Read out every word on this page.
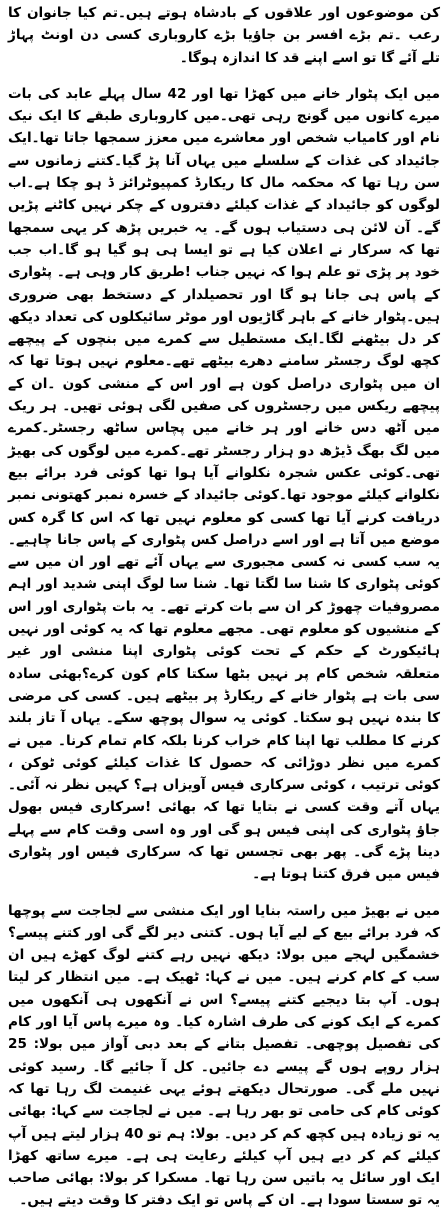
کن موضوعوں اور علاقوں کے بادشاہ ہوتے ہیں۔تم کیا جانوان کا رعب ۔تم بڑے افسر بن جاؤیا بڑے کاروباری کسی دن اونٹ پہاڑ تلے آئے گا تو اسے اپنے قد کا اندازہ ہوگا۔

میں ایک پٹوار خانے میں کھڑا تھا اور 42 سال پہلے عابد کی بات میرے کانوں میں گونج رہی تھی۔میں کاروباری طبقے کا ایک نیک نام اور کامیاب شخص اور معاشرے میں معزز سمجھا جاتا تھا۔ایک جائیداد کی غذات کے سلسلے میں یہاں آنا پڑ گیا۔کتنے زمانوں سے سن رہا تھا کہ محکمہ مال کا ریکارڈ کمپیوٹرائز ڈ ہو چکا ہے۔اب لوگوں کو جائیداد کے غذات کیلئے دفتروں کے چکر نہیں کاٹنے پڑیں گے۔ آن لائن ہی دستیاب ہوں گے۔ یہ خبریں پڑھ کر یہی سمجھا تھا کہ سرکار نے اعلان کیا ہے تو ایسا ہی ہو گیا ہو گا۔اب جب خود پر پڑی تو علم ہوا کہ نہیں جناب !طریق کار وہی ہے۔ پٹواری کے پاس ہی جانا ہو گا اور تحصیلدار کے دستخط بھی ضروری ہیں۔پٹوار خانے کے باہر گاڑیوں اور موٹر سائیکلوں کی تعداد دیکھ کر دل بیٹھنے لگا۔ایک مستطیل سے کمرے میں بنچوں کے پیچھے کچھ لوگ رجسٹر سامنے دھرے بیٹھے تھے۔معلوم نہیں ہوتا تھا کہ ان میں پٹواری دراصل کون ہے اور اس کے منشی کون ۔ان کے پیچھے ریکس میں رجسٹروں کی صفیں لگی ہوئی تھیں۔ ہر ریک میں آٹھ دس خانے اور ہر خانے میں پچاس ساٹھ رجسٹر۔کمرے میں لگ بھگ ڈیڑھ دو ہزار رجسٹر تھے۔کمرے میں لوگوں کی بھیڑ تھی۔کوئی عکس شجرہ نکلوانے آیا ہوا تھا کوئی فرد برائے بیع نکلوانے کیلئے موجود تھا۔کوئی جائیداد کے خسرہ نمبر کھتونی نمبر دریافت کرنے آیا تھا کسی کو معلوم نہیں تھا کہ اس کا گرہ کس موضع میں آتا ہے اور اسے دراصل کس پٹواری کے پاس جانا چاہیے۔ یہ سب کسی نہ کسی مجبوری سے یہاں آئے تھے اور ان میں سے کوئی پٹواری کا شنا سا لگتا تھا۔ شنا سا لوگ اپنی شدید اور اہم مصروفیات چھوڑ کر ان سے بات کرتے تھے۔ یہ بات پٹواری اور اس کے منشیوں کو معلوم تھی۔ مجھے معلوم تھا کہ یہ کوئی اور نہیں ہائیکورٹ کے حکم کے تحت کوئی پٹواری اپنا منشی اور غیر متعلقہ شخص کام پر نہیں بٹھا سکتا کام کون کرے؟بھئی سادہ سی بات ہے پٹوار خانے کے ریکارڈ پر بیٹھے ہیں۔ کسی کی مرضی کا بندہ نہیں ہو سکتا۔ کوئی یہ سوال پوچھ سکے۔ یہاں آ تاز بلند کرنے کا مطلب تھا اپنا کام خراب کرنا بلکہ کام تمام کرنا۔ میں نے کمرے میں نظر دوڑائی کہ حصول کا غذات کیلئے کوئی ٹوکن ، کوئی ترتیب ، کوئی سرکاری فیس آویزاں ہے؟ کہیں نظر نہ آئی۔ یہاں آتے وقت کسی نے بتایا تھا کہ بھائی !سرکاری فیس بھول جاؤ پٹواری کی اپنی فیس ہو گی اور وہ اسی وقت کام سے پہلے دینا پڑے گی۔ پھر بھی تجسس تھا کہ سرکاری فیس اور پٹواری فیس میں فرق کتنا ہوتا ہے۔

میں نے بھیڑ میں راستہ بنایا اور ایک منشی سے لجاجت سے پوچھا کہ فرد برائے بیع کے لیے آیا ہوں۔ کتنی دیر لگے گی اور کتنے پیسے؟ خشمگیں لہجے میں بولا: دیکھ نہیں رہے کتنے لوگ کھڑے ہیں ان سب کے کام کرنے ہیں۔ میں نے کہا: ٹھیک ہے۔ میں انتظار کر لیتا ہوں۔ آپ بتا دیجیے کتنے پیسے؟ اس نے آنکھوں ہی آنکھوں میں کمرے کے ایک کونے کی طرف اشارہ کیا۔ وہ میرے پاس آیا اور کام کی تفصیل پوچھی۔ تفصیل بتانے کے بعد دبی آواز میں بولا: 25 ہزار روپے ہوں گے پیسے دے جائیں۔ کل آ جائیے گا۔ رسید کوئی نہیں ملے گی۔ صورتحال دیکھتے ہوئے یہی غنیمت لگ رہا تھا کہ کوئی کام کی حامی تو بھر رہا ہے۔ میں نے لجاجت سے کہا: بھائی یہ تو زیادہ ہیں کچھ کم کر دیں۔ بولا: ہم تو 40 ہزار لیتے ہیں آپ کیلئے کم کر دیے ہیں آپ کیلئے رعایت ہی ہے۔ میرے ساتھ کھڑا ایک اور سائل یہ باتیں سن رہا تھا۔ مسکرا کر بولا: بھائی صاحب یہ تو سستا سودا ہے۔ ان کے پاس تو ایک دفتر کا وقت دیتے ہیں۔
